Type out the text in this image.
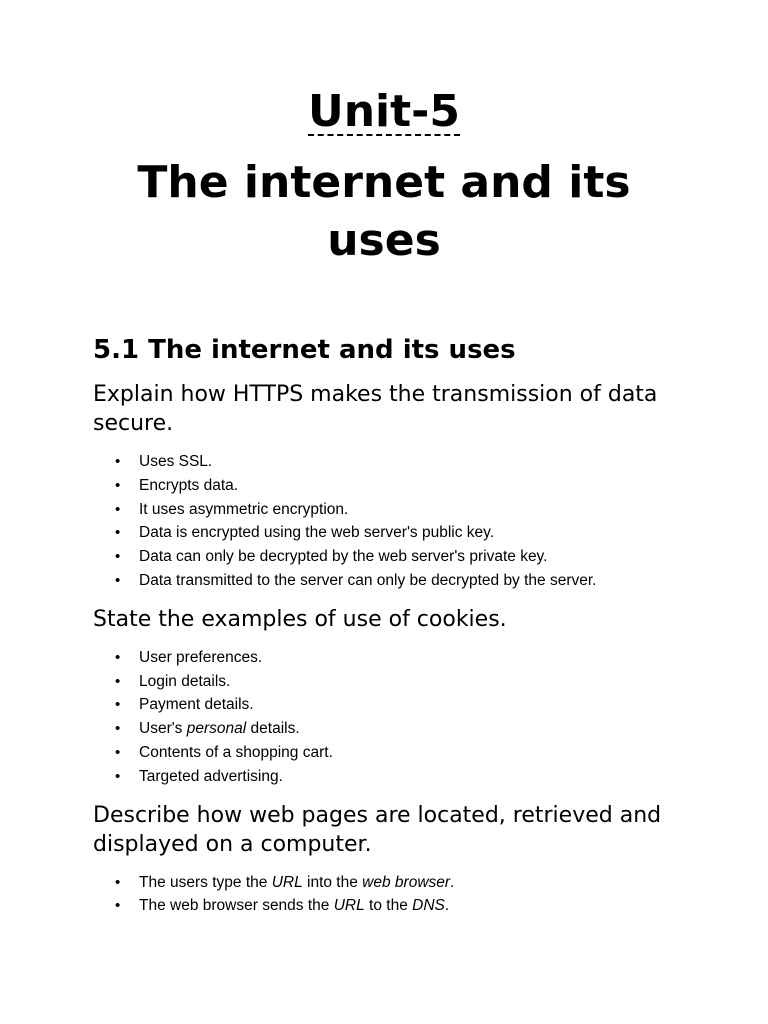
Unit-5
The internet and its
uses
5.1 The internet and its uses
Explain how HTTPS makes the transmission of data secure.
• Uses SSL.
• Encrypts data.
• It uses asymmetric encryption.
• Data is encrypted using the web server's public key.
• Data can only be decrypted by the web server's private key.
• Data transmitted to the server can only be decrypted by the server.
State the examples of use of cookies.
• User preferences.
• Login details.
• Payment details.
• User's personal details.
• Contents of a shopping cart.
• Targeted advertising.
Describe how web pages are located, retrieved and displayed on a computer.
• The users type the URL into the web browser.
• The web browser sends the URL to the DNS.
